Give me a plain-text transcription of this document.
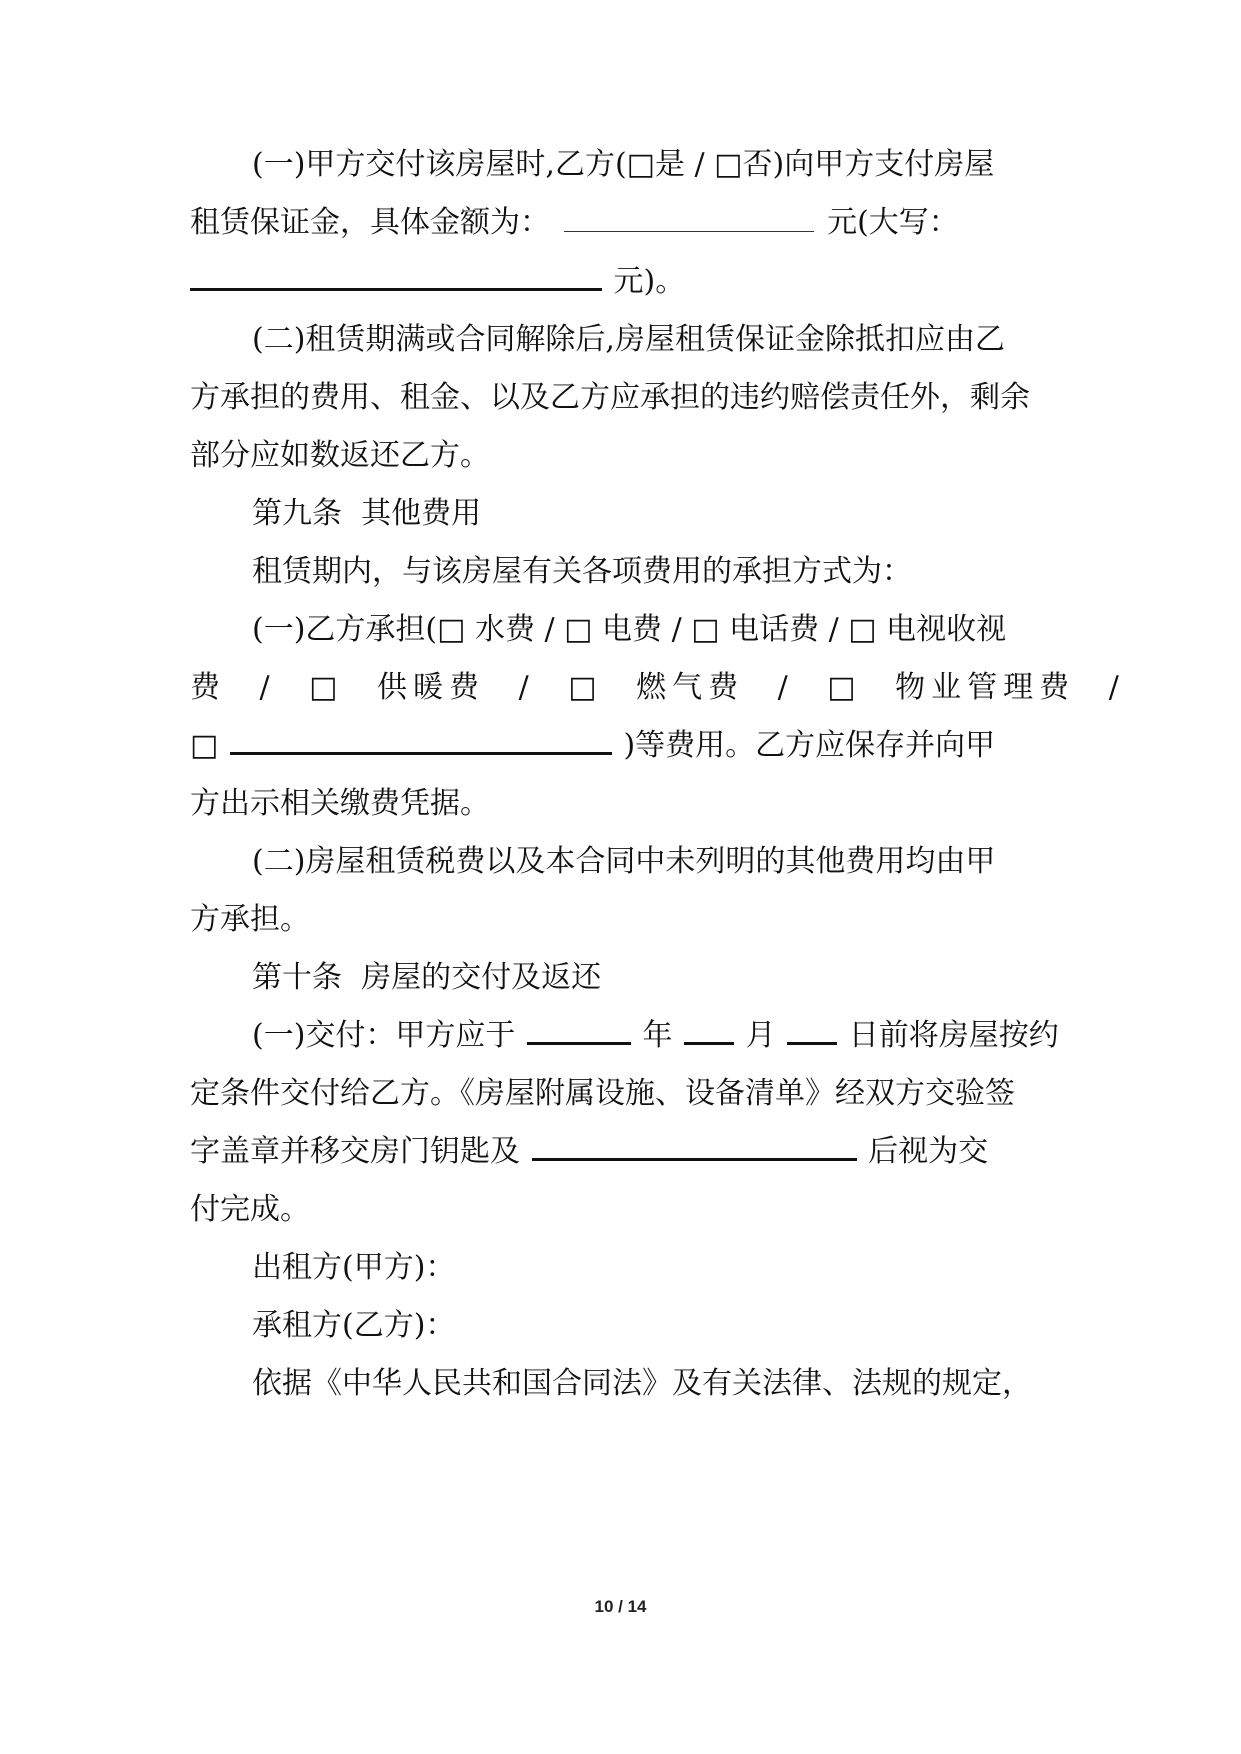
(一)甲方交付该房屋时,乙方(□是 / □否)向甲方支付房屋
租赁保证金，具体金额为：	元(大写：
元)。
(二)租赁期满或合同解除后,房屋租赁保证金除抵扣应由乙
方承担的费用、租金、以及乙方应承担的违约赔偿责任外，剩余
部分应如数返还乙方。
第九条  其他费用
租赁期内，与该房屋有关各项费用的承担方式为：
(一)乙方承担(□ 水费 / □ 电费 / □ 电话费 / □ 电视收视
费 / □ 供暖费 / □ 燃气费 / □ 物业管理费 /
□	)等费用。乙方应保存并向甲
方出示相关缴费凭据。
(二)房屋租赁税费以及本合同中未列明的其他费用均由甲
方承担。
第十条  房屋的交付及返还
(一)交付：甲方应于	年 月 日前将房屋按约
定条件交付给乙方。《房屋附属设施、设备清单》经双方交验签
字盖章并移交房门钥匙及	后视为交
付完成。
出租方(甲方)：
承租方(乙方)：
依据《中华人民共和国合同法》及有关法律、法规的规定，
10 / 14
